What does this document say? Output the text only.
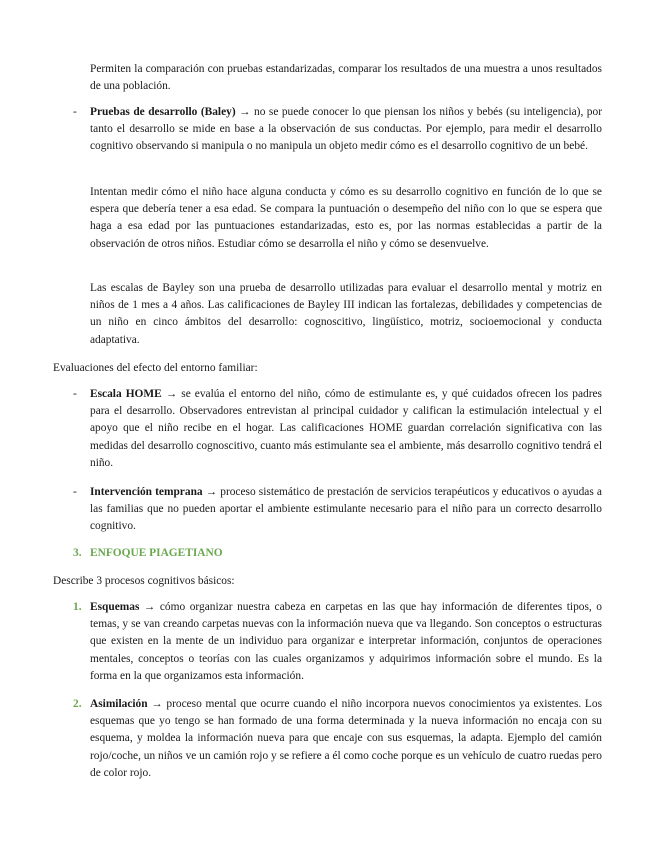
Permiten la comparación con pruebas estandarizadas, comparar los resultados de una muestra a unos resultados de una población.

- Pruebas de desarrollo (Baley) → no se puede conocer lo que piensan los niños y bebés (su inteligencia), por tanto el desarrollo se mide en base a la observación de sus conductas. Por ejemplo, para medir el desarrollo cognitivo observando si manipula o no manipula un objeto medir cómo es el desarrollo cognitivo de un bebé.

Intentan medir cómo el niño hace alguna conducta y cómo es su desarrollo cognitivo en función de lo que se espera que debería tener a esa edad. Se compara la puntuación o desempeño del niño con lo que se espera que haga a esa edad por las puntuaciones estandarizadas, esto es, por las normas establecidas a partir de la observación de otros niños. Estudiar cómo se desarrolla el niño y cómo se desenvuelve.

Las escalas de Bayley son una prueba de desarrollo utilizadas para evaluar el desarrollo mental y motriz en niños de 1 mes a 4 años. Las calificaciones de Bayley III indican las fortalezas, debilidades y competencias de un niño en cinco ámbitos del desarrollo: cognoscitivo, lingüístico, motriz, socioemocional y conducta adaptativa.

Evaluaciones del efecto del entorno familiar:

- Escala HOME → se evalúa el entorno del niño, cómo de estimulante es, y qué cuidados ofrecen los padres para el desarrollo. Observadores entrevistan al principal cuidador y califican la estimulación intelectual y el apoyo que el niño recibe en el hogar. Las calificaciones HOME guardan correlación significativa con las medidas del desarrollo cognoscitivo, cuanto más estimulante sea el ambiente, más desarrollo cognitivo tendrá el niño.

- Intervención temprana → proceso sistemático de prestación de servicios terapéuticos y educativos o ayudas a las familias que no pueden aportar el ambiente estimulante necesario para el niño para un correcto desarrollo cognitivo.

3. ENFOQUE PIAGETIANO

Describe 3 procesos cognitivos básicos:

1. Esquemas → cómo organizar nuestra cabeza en carpetas en las que hay información de diferentes tipos, o temas, y se van creando carpetas nuevas con la información nueva que va llegando. Son conceptos o estructuras que existen en la mente de un individuo para organizar e interpretar información, conjuntos de operaciones mentales, conceptos o teorías con las cuales organizamos y adquirimos información sobre el mundo. Es la forma en la que organizamos esta información.

2. Asimilación → proceso mental que ocurre cuando el niño incorpora nuevos conocimientos ya existentes. Los esquemas que yo tengo se han formado de una forma determinada y la nueva información no encaja con su esquema, y moldea la información nueva para que encaje con sus esquemas, la adapta. Ejemplo del camión rojo/coche, un niños ve un camión rojo y se refiere a él como coche porque es un vehículo de cuatro ruedas pero de color rojo.
